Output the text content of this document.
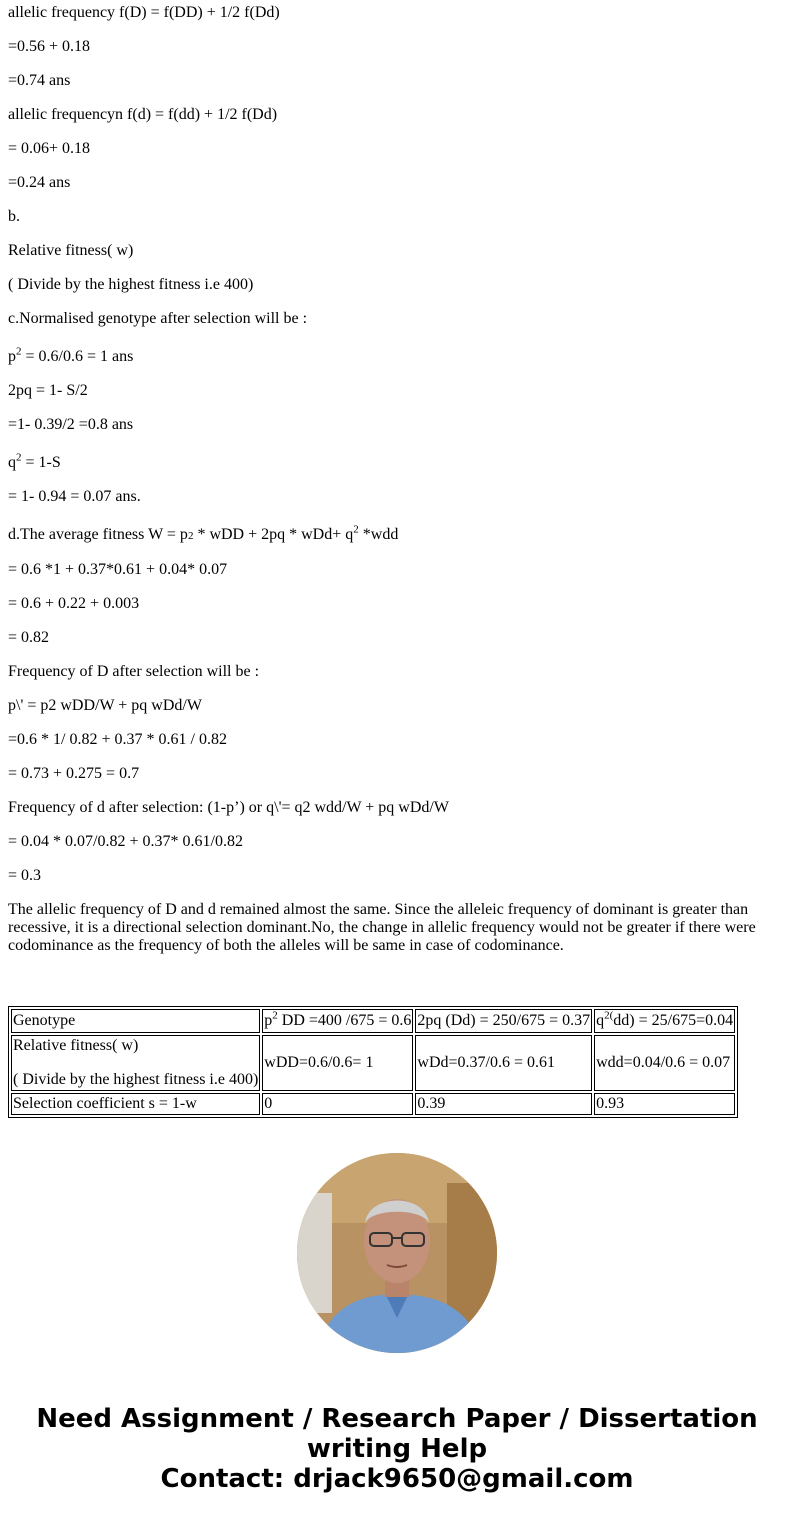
allelic frequency f(D) = f(DD) + 1/2 f(Dd)

=0.56 + 0.18

=0.74 ans

allelic frequencyn f(d) = f(dd) + 1/2 f(Dd)

= 0.06+ 0.18

=0.24 ans

b.

Relative fitness( w)

( Divide by the highest fitness i.e 400)

c.Normalised genotype after selection will be :

$p^2 = 0.6/0.6 = 1$ ans

2pq = 1- S/2

=1- 0.39/2 =0.8 ans

$q^2 = 1-S$

= 1- 0.94 = 0.07 ans.

d.The average fitness W = p2 * wDD + $2pq * wDd+ q^2$ *wdd

= 0.6 *1 + 0.37*0.61 + 0.04* 0.07

= 0.6 + 0.22 + 0.003

= 0.82

Frequency of D after selection will be :

p\' = p2 wDD/W + pq wDd/W

=0.6 * 1/ 0.82 + 0.37 * 0.61 / 0.82

= 0.73 + 0.275 = 0.7

Frequency of d after selection: (1-p’) or q\'= q2 wdd/W + pq wDd/W

= 0.04 * 0.07/0.82 + 0.37* 0.61/0.82

= 0.3

The allelic frequency of D and d remained almost the same. Since the alleleic frequency of dominant is greater than recessive, it is a directional selection dominant.No, the change in allelic frequency would not be greater if there were codominance as the frequency of both the alleles will be same in case of codominance.

Genotype	$p^2$ DD =400 /675 = 0.6	2pq (Dd) = 250/675 = 0.37	$q^{2(}dd) = 25/675=0.04$

Relative fitness( w)
( Divide by the highest fitness i.e 400)	wDD=0.6/0.6= 1	wDd=0.37/0.6 = 0.61	wdd=0.04/0.6 = 0.07
Selection coefficient s = 1-w	0	0.39	0.93
Need Assignment / Research Paper / Dissertation
writing Help
Contact: drjack9650@gmail.com
